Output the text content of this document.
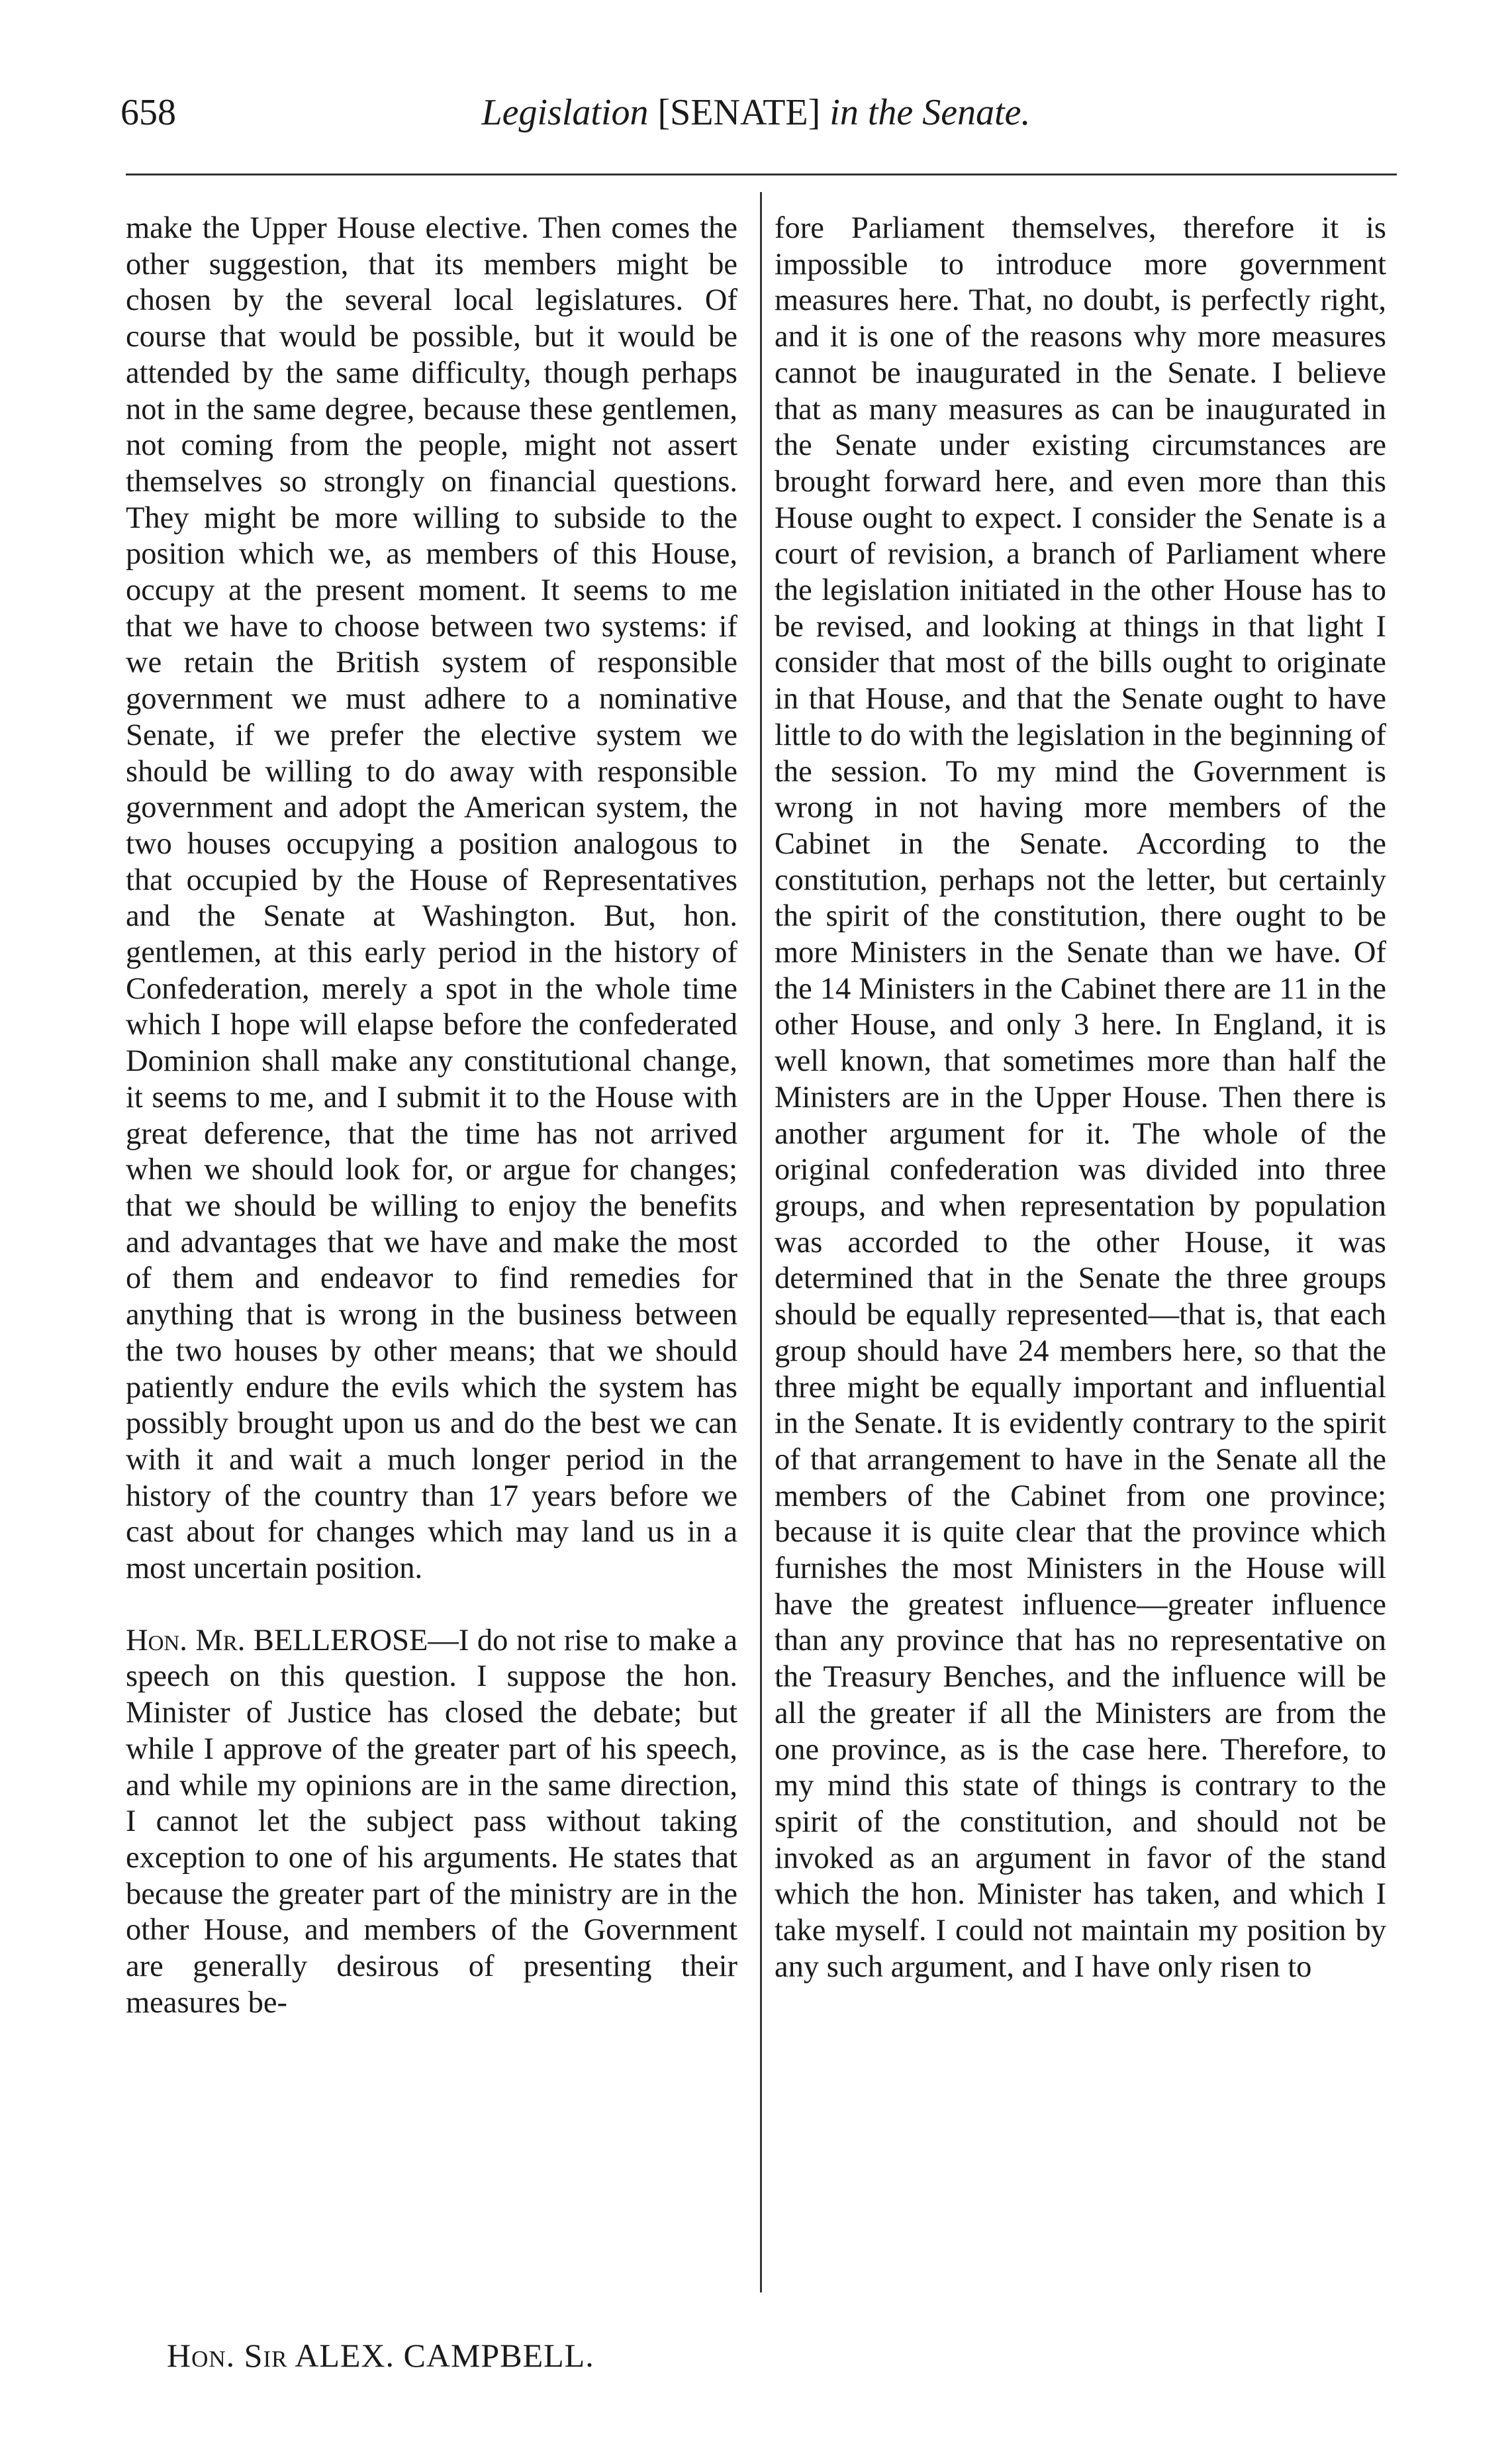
658	Legislation [SENATE] in the Senate.

make the Upper House elective. Then comes the other suggestion, that its members might be chosen by the several local legislatures. Of course that would be possible, but it would be attended by the same difficulty, though perhaps not in the same degree, because these gentlemen, not coming from the people, might not assert themselves so strongly on financial questions. They might be more willing to subside to the position which we, as members of this House, occupy at the present moment. It seems to me that we have to choose between two systems: if we retain the British system of responsible government we must adhere to a nominative Senate, if we prefer the elective system we should be willing to do away with responsible government and adopt the American system, the two houses occupying a position analogous to that occupied by the House of Representatives and the Senate at Washington. But, hon. gentlemen, at this early period in the history of Confederation, merely a spot in the whole time which I hope will elapse before the confederated Dominion shall make any constitutional change, it seems to me, and I submit it to the House with great deference, that the time has not arrived when we should look for, or argue for changes; that we should be willing to enjoy the benefits and advantages that we have and make the most of them and endeavor to find remedies for anything that is wrong in the business between the two houses by other means; that we should patiently endure the evils which the system has possibly brought upon us and do the best we can with it and wait a much longer period in the history of the country than 17 years before we cast about for changes which may land us in a most uncertain position.

Hon. Mr. BELLEROSE—I do not rise to make a speech on this question. I suppose the hon. Minister of Justice has closed the debate; but while I approve of the greater part of his speech, and while my opinions are in the same direction, I cannot let the subject pass without taking exception to one of his arguments. He states that because the greater part of the ministry are in the other House, and members of the Government are generally desirous of presenting their measures be-

fore Parliament themselves, therefore it is impossible to introduce more government measures here. That, no doubt, is perfectly right, and it is one of the reasons why more measures cannot be inaugurated in the Senate. I believe that as many measures as can be inaugurated in the Senate under existing circumstances are brought forward here, and even more than this House ought to expect. I consider the Senate is a court of revision, a branch of Parliament where the legislation initiated in the other House has to be revised, and looking at things in that light I consider that most of the bills ought to originate in that House, and that the Senate ought to have little to do with the legislation in the beginning of the session. To my mind the Government is wrong in not having more members of the Cabinet in the Senate. According to the constitution, perhaps not the letter, but certainly the spirit of the constitution, there ought to be more Ministers in the Senate than we have. Of the 14 Ministers in the Cabinet there are 11 in the other House, and only 3 here. In England, it is well known, that sometimes more than half the Ministers are in the Upper House. Then there is another argument for it. The whole of the original confederation was divided into three groups, and when representation by population was accorded to the other House, it was determined that in the Senate the three groups should be equally represented—that is, that each group should have 24 members here, so that the three might be equally important and influential in the Senate. It is evidently contrary to the spirit of that arrangement to have in the Senate all the members of the Cabinet from one province; because it is quite clear that the province which furnishes the most Ministers in the House will have the greatest influence—greater influence than any province that has no representative on the Treasury Benches, and the influence will be all the greater if all the Ministers are from the one province, as is the case here. Therefore, to my mind this state of things is contrary to the spirit of the constitution, and should not be invoked as an argument in favor of the stand which the hon. Minister has taken, and which I take myself. I could not maintain my position by any such argument, and I have only risen to

Hon. Sir ALEX. CAMPBELL.
